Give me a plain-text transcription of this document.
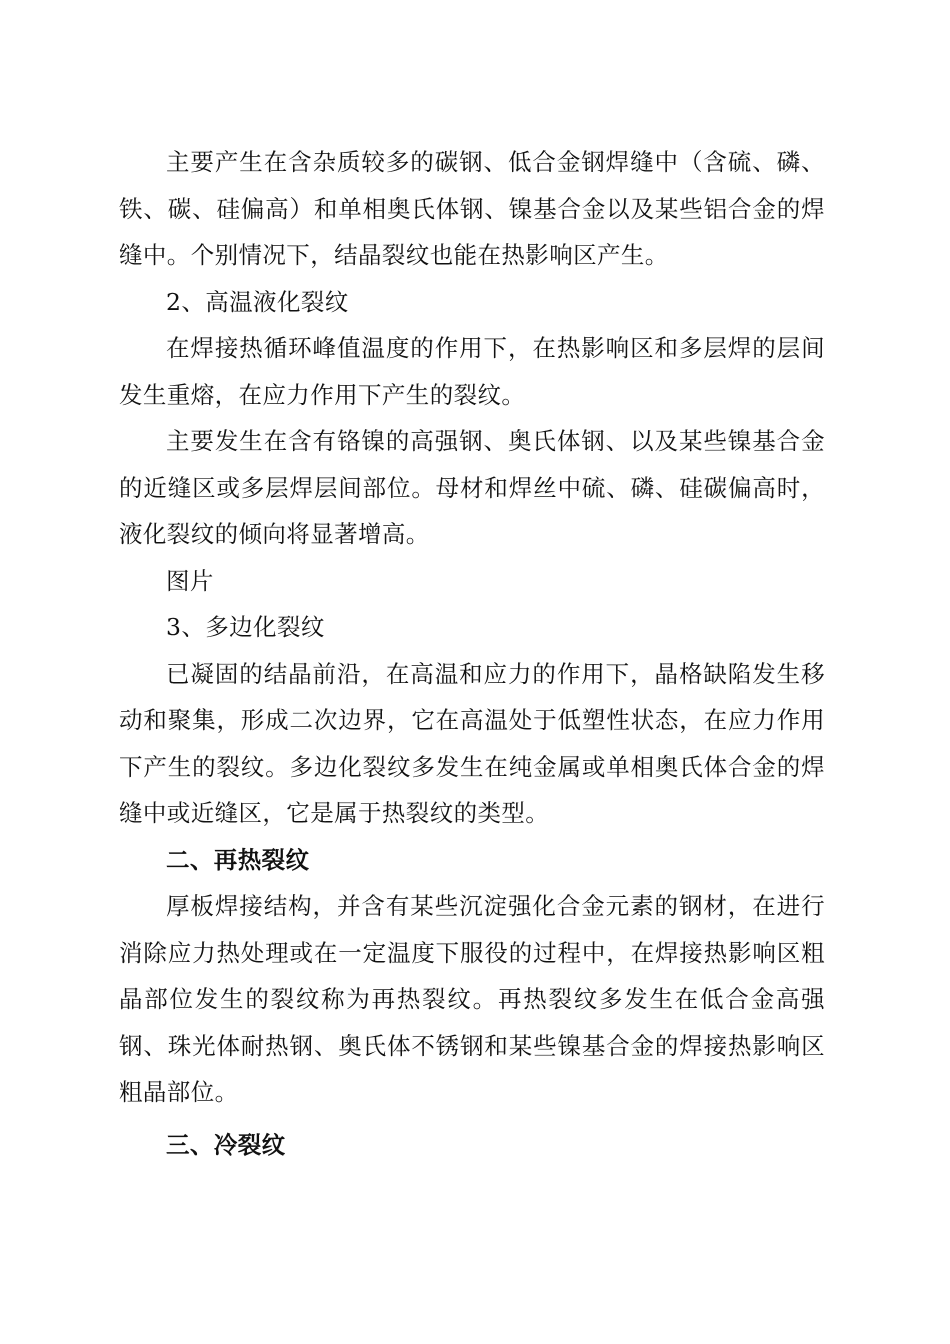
主要产生在含杂质较多的碳钢、低合金钢焊缝中（含硫、磷、铁、碳、硅偏高）和单相奥氏体钢、镍基合金以及某些铝合金的焊缝中。个别情况下，结晶裂纹也能在热影响区产生。

2、高温液化裂纹

在焊接热循环峰值温度的作用下，在热影响区和多层焊的层间发生重熔，在应力作用下产生的裂纹。

主要发生在含有铬镍的高强钢、奥氏体钢、以及某些镍基合金的近缝区或多层焊层间部位。母材和焊丝中硫、磷、硅碳偏高时，液化裂纹的倾向将显著增高。

图片

3、多边化裂纹

已凝固的结晶前沿，在高温和应力的作用下，晶格缺陷发生移动和聚集，形成二次边界，它在高温处于低塑性状态，在应力作用下产生的裂纹。多边化裂纹多发生在纯金属或单相奥氏体合金的焊缝中或近缝区，它是属于热裂纹的类型。

二、再热裂纹

厚板焊接结构，并含有某些沉淀强化合金元素的钢材，在进行消除应力热处理或在一定温度下服役的过程中，在焊接热影响区粗晶部位发生的裂纹称为再热裂纹。再热裂纹多发生在低合金高强钢、珠光体耐热钢、奥氏体不锈钢和某些镍基合金的焊接热影响区粗晶部位。

三、冷裂纹
